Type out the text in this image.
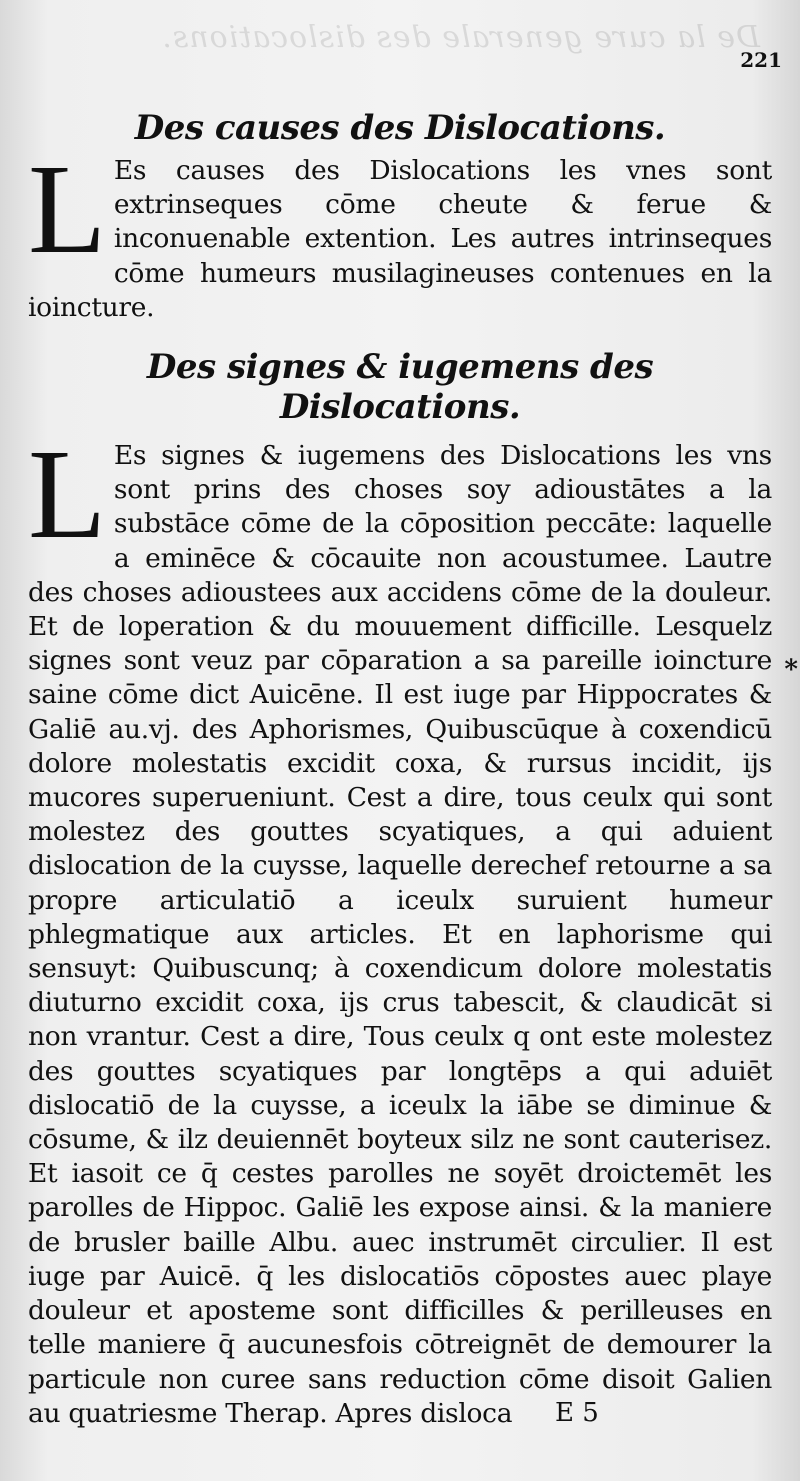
De la cure generale des dislocations.
221
Des causes des Dislocations.

L Es causes des Dislocations les vnes sont extrinseques cōme cheute & ferue & inconuenable extention. Les autres intrinseques cōme humeurs musilagineuses contenues en la ioincture.

Des signes & iugemens des Dislocations.

L Es signes & iugemens des Dislocations les vns sont prins des choses soy adioustātes a la substāce cōme de la cōposition peccāte: laquelle a eminēce & cōcauite non acoustumee. Lautre des choses adioustees aux accidens cōme de la douleur. Et de loperation & du mouuement difficille. Lesquelz signes sont veuz par cōparation a sa pareille ioincture saine cōme dict Auicēne. Il est iuge par Hippocrates & Galiē au.vj. des Aphorismes, Quibuscūque à coxendicū dolore molestatis excidit coxa, & rursus incidit, ijs mucores superueniunt. Cest a dire, tous ceulx qui sont molestez des gouttes scyatiques, a qui aduient dislocation de la cuysse, laquelle derechef retourne a sa propre articulatiō a iceulx suruient humeur phlegmatique aux articles. Et en laphorisme qui sensuyt: Quibuscunq; à coxendicum dolore molestatis diuturno excidit coxa, ijs crus tabescit, & claudicāt si non vrantur. Cest a dire, Tous ceulx q ont este molestez des gouttes scyatiques par longtēps a qui aduiēt dislocatiō de la cuysse, a iceulx la iābe se diminue & cōsume, & ilz deuiennēt boyteux silz ne sont cauterisez. Et iasoit ce q̄ cestes parolles ne soyēt droictemēt les parolles de Hippoc. Galiē les expose ainsi. & la maniere de brusler baille Albu. auec instrumēt circulier. Il est iuge par Auicē. q̄ les dislocatiōs cōpostes auec playe douleur et aposteme sont difficilles & perilleuses en telle maniere q̄ aucunesfois cōtreignēt de demourer la particule non curee sans reduction cōme disoit Galien au quatriesme Therap. Apres disloca

*
E 5
